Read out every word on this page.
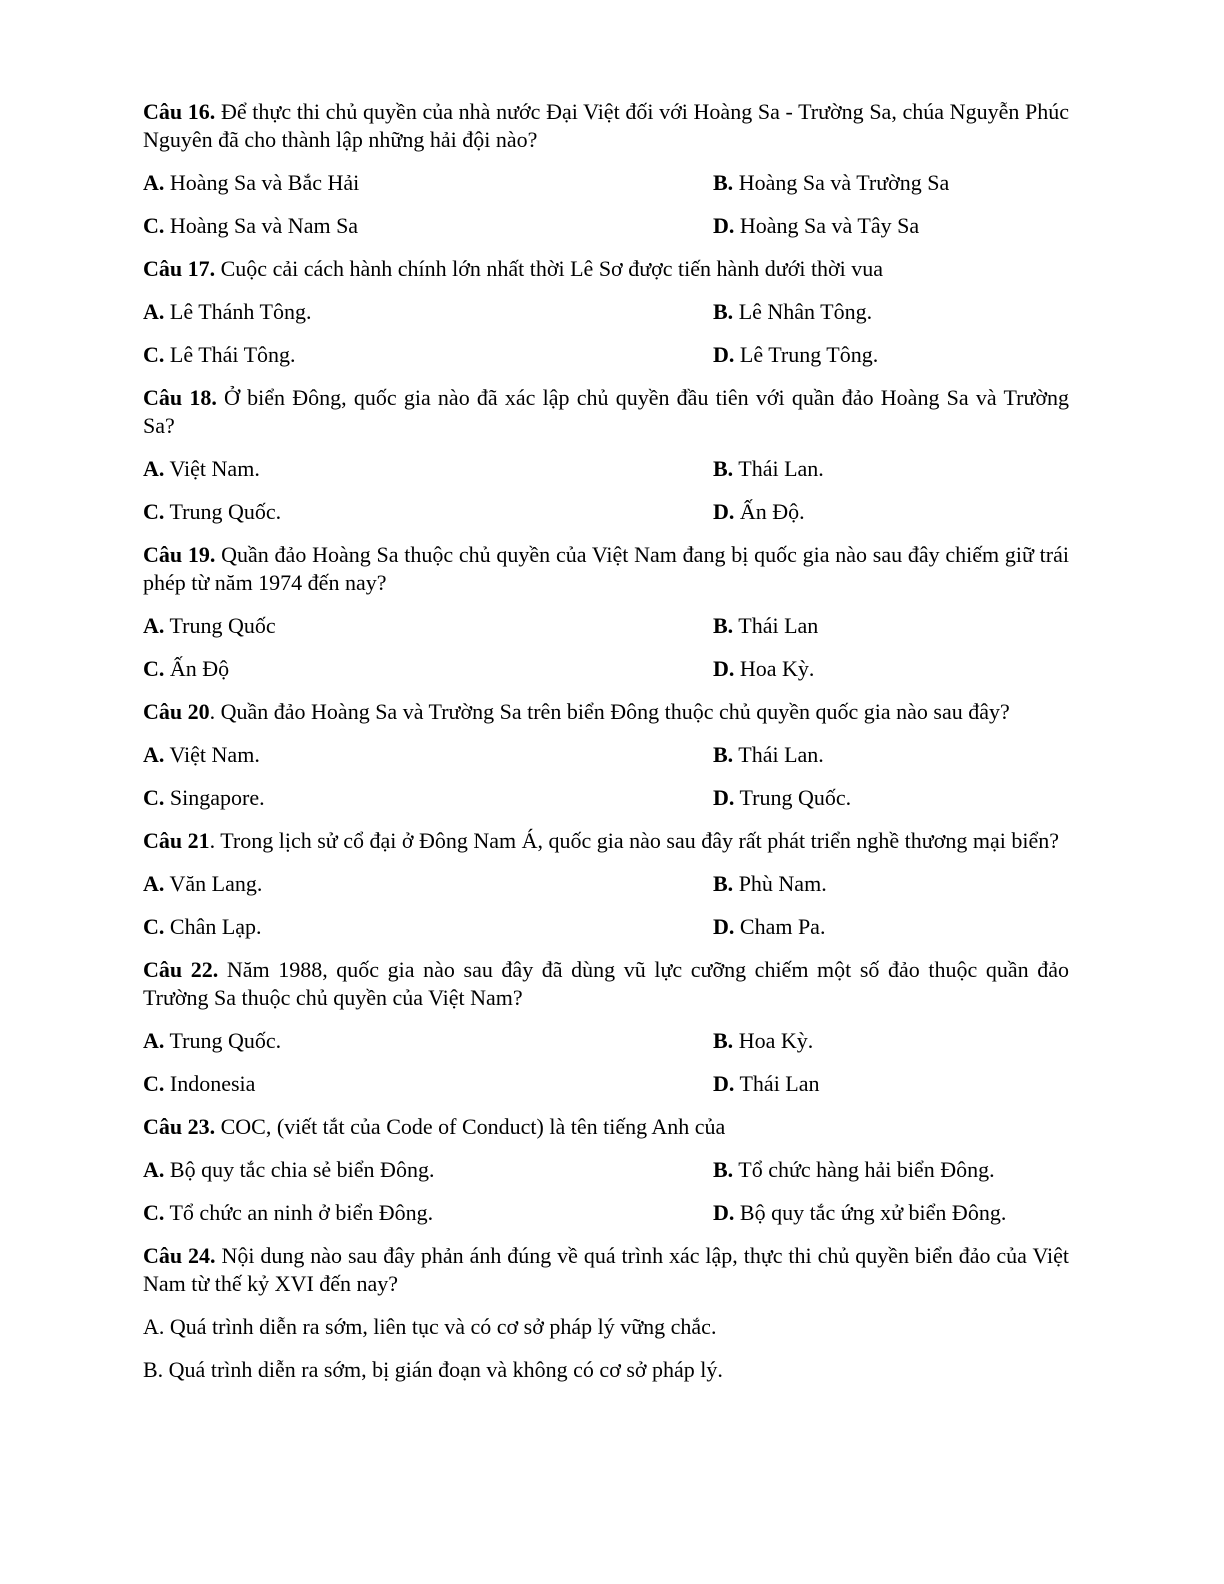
Câu 16. Để thực thi chủ quyền của nhà nước Đại Việt đối với Hoàng Sa - Trường Sa, chúa Nguyễn Phúc Nguyên đã cho thành lập những hải đội nào?
A. Hoàng Sa và Bắc Hải	B. Hoàng Sa và Trường Sa
C. Hoàng Sa và Nam Sa	D. Hoàng Sa và Tây Sa
Câu 17. Cuộc cải cách hành chính lớn nhất thời Lê Sơ được tiến hành dưới thời vua
A. Lê Thánh Tông.	B. Lê Nhân Tông.
C. Lê Thái Tông.	D. Lê Trung Tông.
Câu 18. Ở biển Đông, quốc gia nào đã xác lập chủ quyền đầu tiên với quần đảo Hoàng Sa và Trường Sa?
A. Việt Nam.	B. Thái Lan.
C. Trung Quốc.	D. Ấn Độ.
Câu 19. Quần đảo Hoàng Sa thuộc chủ quyền của Việt Nam đang bị quốc gia nào sau đây chiếm giữ trái phép từ năm 1974 đến nay?
A. Trung Quốc	B. Thái Lan
C. Ấn Độ	D. Hoa Kỳ.
Câu 20. Quần đảo Hoàng Sa và Trường Sa trên biển Đông thuộc chủ quyền quốc gia nào sau đây?
A. Việt Nam.	B. Thái Lan.
C. Singapore.	D. Trung Quốc.
Câu 21. Trong lịch sử cổ đại ở Đông Nam Á, quốc gia nào sau đây rất phát triển nghề thương mại biển?
A. Văn Lang.	B. Phù Nam.
C. Chân Lạp.	D. Cham Pa.
Câu 22. Năm 1988, quốc gia nào sau đây đã dùng vũ lực cưỡng chiếm một số đảo thuộc quần đảo Trường Sa thuộc chủ quyền của Việt Nam?
A. Trung Quốc.	B. Hoa Kỳ.
C. Indonesia	D. Thái Lan
Câu 23. COC, (viết tắt của Code of Conduct) là tên tiếng Anh của
A. Bộ quy tắc chia sẻ biển Đông.	B. Tổ chức hàng hải biển Đông.
C. Tổ chức an ninh ở biển Đông.	D. Bộ quy tắc ứng xử biển Đông.
Câu 24. Nội dung nào sau đây phản ánh đúng về quá trình xác lập, thực thi chủ quyền biển đảo của Việt Nam từ thế kỷ XVI đến nay?
A. Quá trình diễn ra sớm, liên tục và có cơ sở pháp lý vững chắc.
B. Quá trình diễn ra sớm, bị gián đoạn và không có cơ sở pháp lý.
